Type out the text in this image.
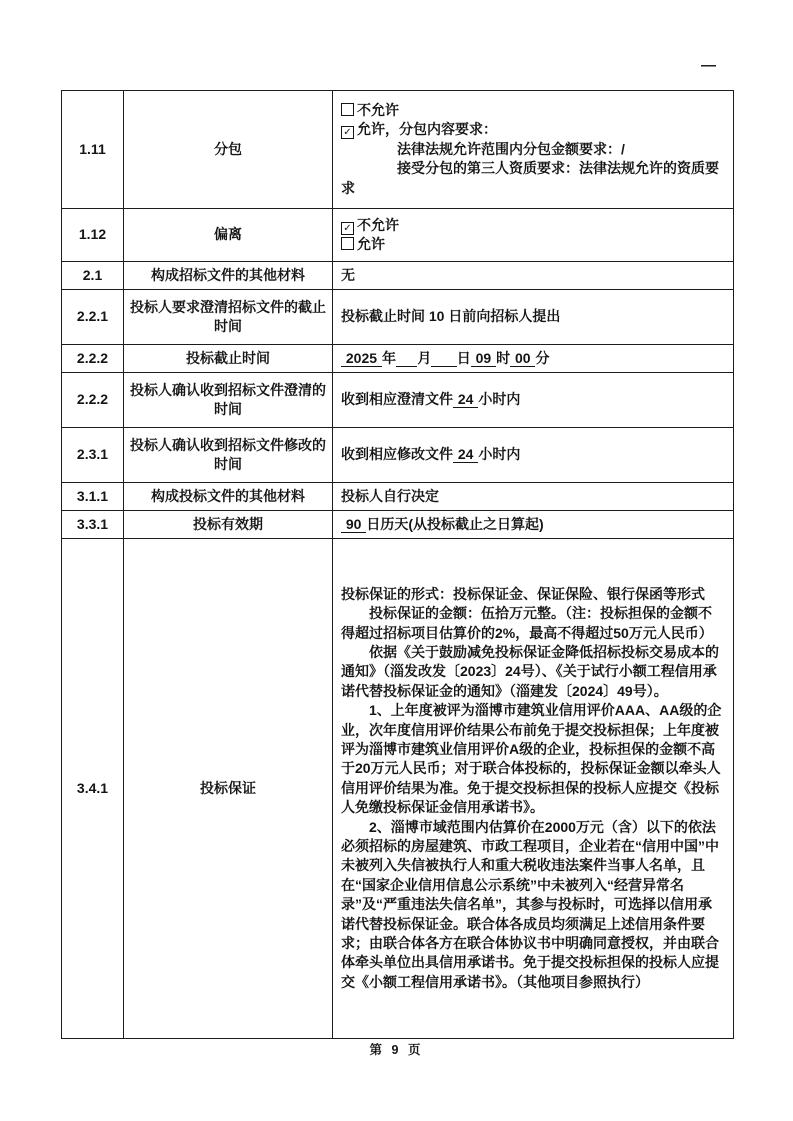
—
1.11	分包	不允许
✓ 允许，分包内容要求：
法律法规允许范围内分包金额要求：/
接受分包的第三人资质要求：法律法规允许的资质要求

1.12	偏离	✓ 不允许
允许

2.1	构成招标文件的其他材料	无

2.2.1	投标人要求澄清招标文件的截止时间	投标截止时间 10 日前向招标人提出

2.2.2	投标截止时间	2025 年 月 日 09 时 00 分

2.2.2	投标人确认收到招标文件澄清的时间	收到相应澄清文件 24 小时内

2.3.1	投标人确认收到招标文件修改的时间	收到相应修改文件 24 小时内

3.1.1	构成投标文件的其他材料	投标人自行决定

3.3.1	投标有效期	90 日历天(从投标截止之日算起)

3.4.1	投标保证	投标保证的形式：投标保证金、保证保险、银行保函等形式
投标保证的金额：伍拾万元整。（注：投标担保的金额不得超过招标项目估算价的2%，最高不得超过50万元人民币）
依据《关于鼓励减免投标保证金降低招标投标交易成本的通知》（淄发改发〔2023〕24号）、《关于试行小额工程信用承诺代替投标保证金的通知》（淄建发〔2024〕49号）。
1、上年度被评为淄博市建筑业信用评价AAA、AA级的企业，次年度信用评价结果公布前免于提交投标担保；上年度被评为淄博市建筑业信用评价A级的企业，投标担保的金额不高于20万元人民币；对于联合体投标的，投标保证金额以牵头人信用评价结果为准。免于提交投标担保的投标人应提交《投标人免缴投标保证金信用承诺书》。
2、淄博市域范围内估算价在2000万元（含）以下的依法必须招标的房屋建筑、市政工程项目，企业若在“信用中国”中未被列入失信被执行人和重大税收违法案件当事人名单，且在“国家企业信用信息公示系统”中未被列入“经营异常名录”及“严重违法失信名单”，其参与投标时，可选择以信用承诺代替投标保证金。联合体各成员均须满足上述信用条件要求；由联合体各方在联合体协议书中明确同意授权，并由联合体牵头单位出具信用承诺书。免于提交投标担保的投标人应提交《小额工程信用承诺书》。（其他项目参照执行）
第 9 页
